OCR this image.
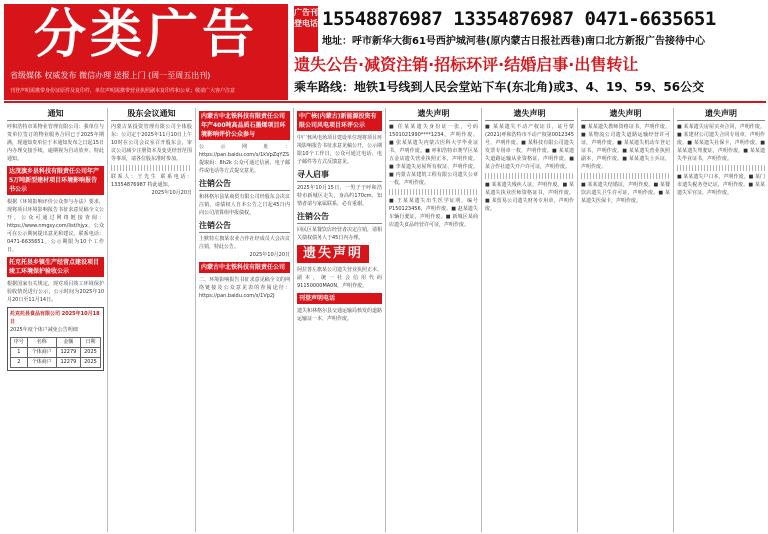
分类广告
省级媒体 权威发布 微信办理 送报上门 (周一至周五出刊)
刊登声明需携带身份证原件及复印件，单位声明需携带营业执照副本复印件和公章；敬请广大客户注意
广告刊登电话 15548876987 13354876987 0471-6635651
地址：呼市新华大街61号西护城河巷(原内蒙古日报社西巷)南口北方新报广告接待中心
遗失公告·减资注销·招标环评·结婚启事·出售转让
乘车路线：地铁1号线到人民会堂站下车(东北角)或3、4、19、59、56公交
通知
呼和浩特市某物业管理有限公司：我单位与贵单位签订的物业服务合同已于2025年期满，现通知贵单位于本通知发布之日起15日内办理交接手续，逾期视为自动放弃。特此通知。
达茂旗乡县科技有限责任公司年产5万吨新型建材项目环境影响报告书公示
根据《环境影响评价公众参与办法》要求，现将项目环境影响报告书征求意见稿全文公开，公众可通过网络链接查阅：https://www.nmgsy.com/list/hjyx，公众可在公示期间提出意见和建议，联系电话：0471-6635651。公示期限为10个工作日。
托克托县乡镇生产经营点建设项目竣工环境保护验收公示
根据国家有关规定，现对项目竣工环境保护验收情况进行公示，公示时间为2025年10月20日至11月14日。
托克托县食品有限公司 2025年10月18日
2025年度个体户减免公告明细
序号	名称	金额	日期
1	个体商户	12279	2025
2	个体商户	12279	2025
股东会议通知
内蒙古某投资管理有限公司全体股东：公司定于2025年11月10日上午10时在公司会议室召开股东会，审议公司减少注册资本及变更经营范围等事项，请各位股东准时参加。
联系人：王先生 联系电话：13354876987 特此通知。
2025年10月20日
内蒙古中北铁科技有限责任公司年产400吨高品质石墨烯项目环境影响评价公众参与
公示网址：https://pan.baidu.com/s/1kVpZqYZS 提取码：8h2k 公众可通过信函、电子邮件或电话等方式提交意见。
注销公告
和林格尔县某商贸有限公司经股东会决议注销，请债权人自本公告之日起45日内向公司清算组申报债权。
注销公告
土默特左旗某农业合作社经成员大会决议注销，特此公告。
2025年10月20日
内蒙古中北铁科技有限责任公司
二、环境影响报告书征求意见稿全文的网络链接及公众意见表的查阅途径：https://pan.baidu.com/s/1Vp2J
中广核(内蒙古)新能源投资有限公司风电项目环评公示
中广核风电场项目建设单位现将项目环境影响报告书征求意见稿公开，公示期限10个工作日，公众可通过电话、电子邮件等方式反馈意见。
寻人启事
2025年10月15日，一男子于呼和浩特市新城区走失，身高约170cm，知情者请与家属联系，必有重谢。
注销公告
回民区某餐饮店经营者决定注销，请相关债权债务人于45日内办理。
遗失声明
阿拉善左旗某公司遗失营业执照正本、副本，统一社会信用代码91150000MA0N，声明作废。
刊登声明电话
遗失和林格尔县交通运输局核发的道路运输证一本，声明作废。
遗失声明
■ 任某某遗失身份证一张，号码1501021990****1234，声明作废。■ 张某某遗失内蒙古医科大学毕业证书，声明作废。■ 呼和浩特市赛罕区某五金店遗失营业执照正本，声明作废。■ 李某遗失房屋所有权证，声明作废。■ 内蒙古某建筑工程有限公司遗失公章一枚，声明作废。
■ 王某某遗失出生医学证明，编号P150123456，声明作废。■ 赵某遗失车辆行驶证，声明作废。■ 新城区某商店遗失食品经营许可证，声明作废。
遗失声明
■ 某某遗失不动产权证书，证号蒙(2021)呼和浩特市不动产权第0012345号，声明作废。■ 某科技有限公司遗失发票专用章一枚，声明作废。■ 某某遗失道路运输从业资格证，声明作废。■ 某合作社遗失开户许可证，声明作废。
■ 某某遗失残疾人证，声明作废。■ 某某遗失执业医师资格证书，声明作废。■ 某贸易公司遗失财务专用章，声明作废。
遗失声明
■ 某某遗失教师资格证书，声明作废。■ 某物流公司遗失道路运输经营许可证，声明作废。■ 某某遗失机动车登记证书，声明作废。■ 某某遗失营业执照副本，声明作废。■ 某某遗失士兵证，声明作废。
■ 某某遗失结婚证，声明作废。■ 某餐饮店遗失卫生许可证，声明作废。■ 某某遗失医保卡，声明作废。
遗失声明
■ 某某遗失房屋买卖合同，声明作废。■ 某建材公司遗失合同专用章，声明作废。■ 某某遗失社保卡，声明作废。■ 某某遗失驾驶证，声明作废。■ 某某遗失毕业证书，声明作废。
■ 某某遗失户口本，声明作废。■ 某门市遗失税务登记证，声明作废。■ 某某遗失军官证，声明作废。
